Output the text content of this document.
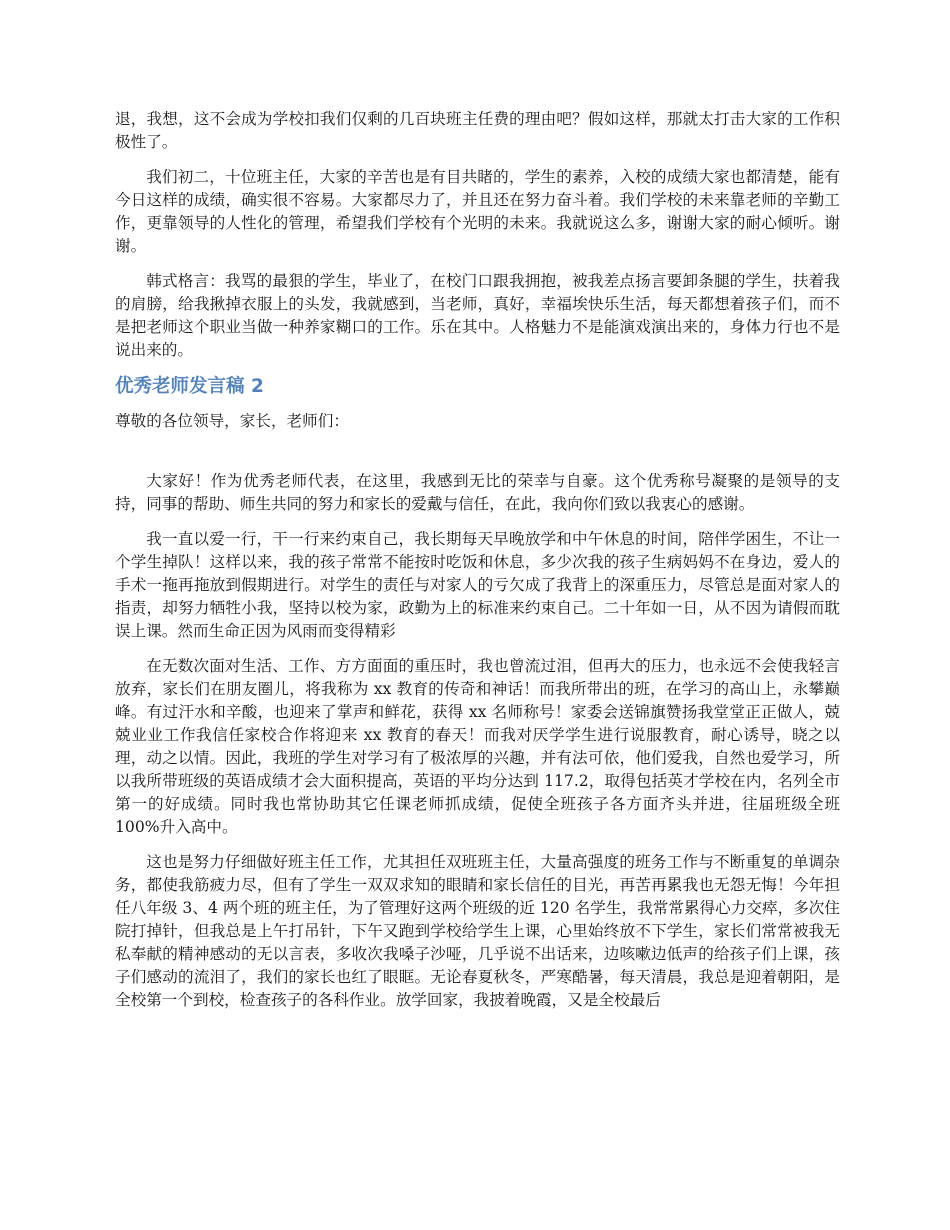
退，我想，这不会成为学校扣我们仅剩的几百块班主任费的理由吧？假如这样，那就太打击大家的工作积极性了。

我们初二，十位班主任，大家的辛苦也是有目共睹的，学生的素养，入校的成绩大家也都清楚，能有今日这样的成绩，确实很不容易。大家都尽力了，并且还在努力奋斗着。我们学校的未来靠老师的辛勤工作，更靠领导的人性化的管理，希望我们学校有个光明的未来。我就说这么多，谢谢大家的耐心倾听。谢谢。

韩式格言：我骂的最狠的学生，毕业了，在校门口跟我拥抱，被我差点扬言要卸条腿的学生，扶着我的肩膀，给我揪掉衣服上的头发，我就感到，当老师，真好，幸福埃快乐生活，每天都想着孩子们，而不是把老师这个职业当做一种养家糊口的工作。乐在其中。人格魅力不是能演戏演出来的，身体力行也不是说出来的。

优秀老师发言稿 2

尊敬的各位领导，家长，老师们：

大家好！作为优秀老师代表，在这里，我感到无比的荣幸与自豪。这个优秀称号凝聚的是领导的支持，同事的帮助、师生共同的努力和家长的爱戴与信任，在此，我向你们致以我衷心的感谢。

我一直以爱一行，干一行来约束自己，我长期每天早晚放学和中午休息的时间，陪伴学困生，不让一个学生掉队！这样以来，我的孩子常常不能按时吃饭和休息，多少次我的孩子生病妈妈不在身边，爱人的手术一拖再拖放到假期进行。对学生的责任与对家人的亏欠成了我背上的深重压力，尽管总是面对家人的指责，却努力牺牲小我，坚持以校为家，政勤为上的标准来约束自己。二十年如一日，从不因为请假而耽误上课。然而生命正因为风雨而变得精彩

在无数次面对生活、工作、方方面面的重压时，我也曾流过泪，但再大的压力，也永远不会使我轻言放弃，家长们在朋友圈儿，将我称为 xx 教育的传奇和神话！而我所带出的班，在学习的高山上，永攀巅峰。有过汗水和辛酸，也迎来了掌声和鲜花，获得 xx 名师称号！家委会送锦旗赞扬我堂堂正正做人，兢兢业业工作我信任家校合作将迎来 xx 教育的春天！而我对厌学学生进行说服教育，耐心诱导，晓之以理，动之以情。因此，我班的学生对学习有了极浓厚的兴趣，并有法可依，他们爱我，自然也爱学习，所以我所带班级的英语成绩才会大面积提高，英语的平均分达到 117.2，取得包括英才学校在内，名列全市第一的好成绩。同时我也常协助其它任课老师抓成绩，促使全班孩子各方面齐头并进，往届班级全班 100%升入高中。

这也是努力仔细做好班主任工作，尤其担任双班班主任，大量高强度的班务工作与不断重复的单调杂务，都使我筋疲力尽，但有了学生一双双求知的眼睛和家长信任的目光，再苦再累我也无怨无悔！今年担任八年级 3、4 两个班的班主任，为了管理好这两个班级的近 120 名学生，我常常累得心力交瘁，多次住院打掉针，但我总是上午打吊针，下午又跑到学校给学生上课，心里始终放不下学生，家长们常常被我无私奉献的精神感动的无以言表，多收次我嗓子沙哑，几乎说不出话来，边咳嗽边低声的给孩子们上课，孩子们感动的流泪了，我们的家长也红了眼眶。无论春夏秋冬，严寒酷暑，每天清晨，我总是迎着朝阳，是全校第一个到校，检查孩子的各科作业。放学回家，我披着晚霞，又是全校最后
